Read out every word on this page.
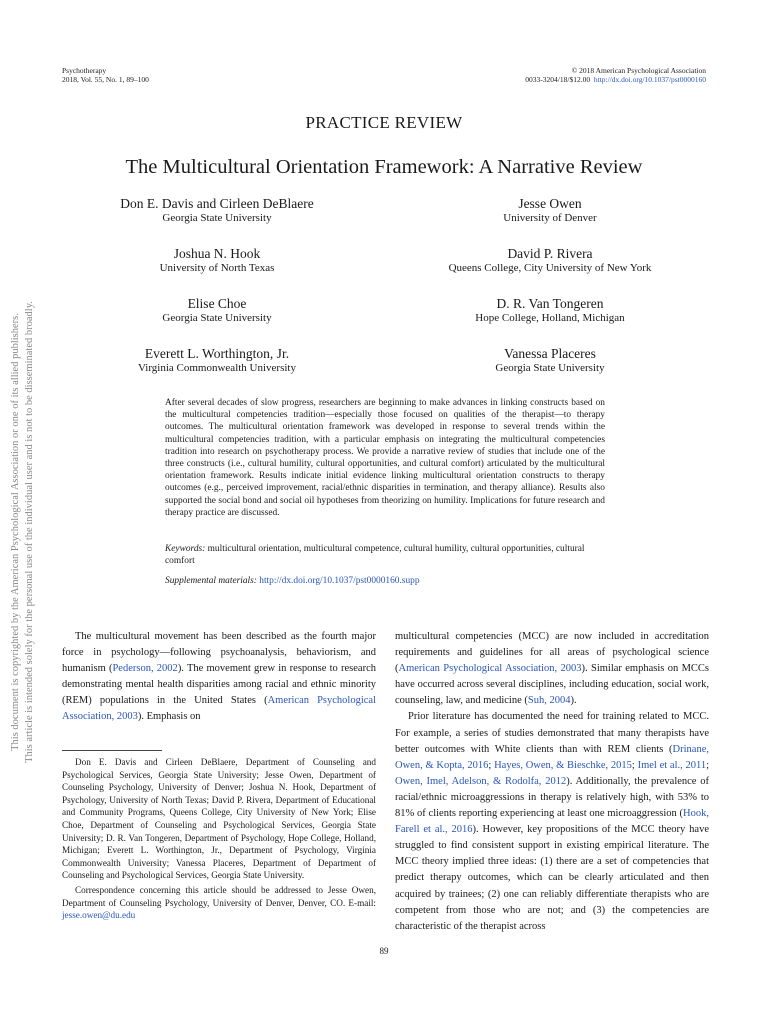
This document is copyrighted by the American Psychological Association or one of its allied publishers. This article is intended solely for the personal use of the individual user and is not to be disseminated broadly.
Psychotherapy
2018, Vol. 55, No. 1, 89–100
© 2018 American Psychological Association
0033-3204/18/$12.00 http://dx.doi.org/10.1037/pst0000160
PRACTICE REVIEW
The Multicultural Orientation Framework: A Narrative Review
Don E. Davis and Cirleen DeBlaere
Georgia State University
Jesse Owen
University of Denver
Joshua N. Hook
University of North Texas
David P. Rivera
Queens College, City University of New York
Elise Choe
Georgia State University
D. R. Van Tongeren
Hope College, Holland, Michigan
Everett L. Worthington, Jr.
Virginia Commonwealth University
Vanessa Placeres
Georgia State University
After several decades of slow progress, researchers are beginning to make advances in linking constructs based on the multicultural competencies tradition—especially those focused on qualities of the therapist—to therapy outcomes. The multicultural orientation framework was developed in response to several trends within the multicultural competencies tradition, with a particular emphasis on integrating the multicultural competencies tradition into research on psychotherapy process. We provide a narrative review of studies that include one of the three constructs (i.e., cultural humility, cultural opportunities, and cultural comfort) articulated by the multicultural orientation framework. Results indicate initial evidence linking multicultural orientation constructs to therapy outcomes (e.g., perceived improvement, racial/ethnic disparities in termination, and therapy alliance). Results also supported the social bond and social oil hypotheses from theorizing on humility. Implications for future research and therapy practice are discussed.
Keywords: multicultural orientation, multicultural competence, cultural humility, cultural opportunities, cultural comfort
Supplemental materials: http://dx.doi.org/10.1037/pst0000160.supp

The multicultural movement has been described as the fourth major force in psychology—following psychoanalysis, behaviorism, and humanism (Pederson, 2002). The movement grew in response to research demonstrating mental health disparities among racial and ethnic minority (REM) populations in the United States (American Psychological Association, 2003). Emphasis on

Don E. Davis and Cirleen DeBlaere, Department of Counseling and Psychological Services, Georgia State University; Jesse Owen, Department of Counseling Psychology, University of Denver; Joshua N. Hook, Department of Psychology, University of North Texas; David P. Rivera, Department of Educational and Community Programs, Queens College, City University of New York; Elise Choe, Department of Counseling and Psychological Services, Georgia State University; D. R. Van Tongeren, Department of Psychology, Hope College, Holland, Michigan; Everett L. Worthington, Jr., Department of Psychology, Virginia Commonwealth University; Vanessa Placeres, Department of Department of Counseling and Psychological Services, Georgia State University.

Correspondence concerning this article should be addressed to Jesse Owen, Department of Counseling Psychology, University of Denver, Denver, CO. E-mail: jesse.owen@du.edu

multicultural competencies (MCC) are now included in accreditation requirements and guidelines for all areas of psychological science (American Psychological Association, 2003). Similar emphasis on MCCs have occurred across several disciplines, including education, social work, counseling, law, and medicine (Suh, 2004).

Prior literature has documented the need for training related to MCC. For example, a series of studies demonstrated that many therapists have better outcomes with White clients than with REM clients (Drinane, Owen, & Kopta, 2016; Hayes, Owen, & Bieschke, 2015; Imel et al., 2011; Owen, Imel, Adelson, & Rodolfa, 2012). Additionally, the prevalence of racial/ethnic microaggressions in therapy is relatively high, with 53% to 81% of clients reporting experiencing at least one microaggression (Hook, Farell et al., 2016). However, key propositions of the MCC theory have struggled to find consistent support in existing empirical literature. The MCC theory implied three ideas: (1) there are a set of competencies that predict therapy outcomes, which can be clearly articulated and then acquired by trainees; (2) one can reliably differentiate therapists who are competent from those who are not; and (3) the competencies are characteristic of the therapist across

89
